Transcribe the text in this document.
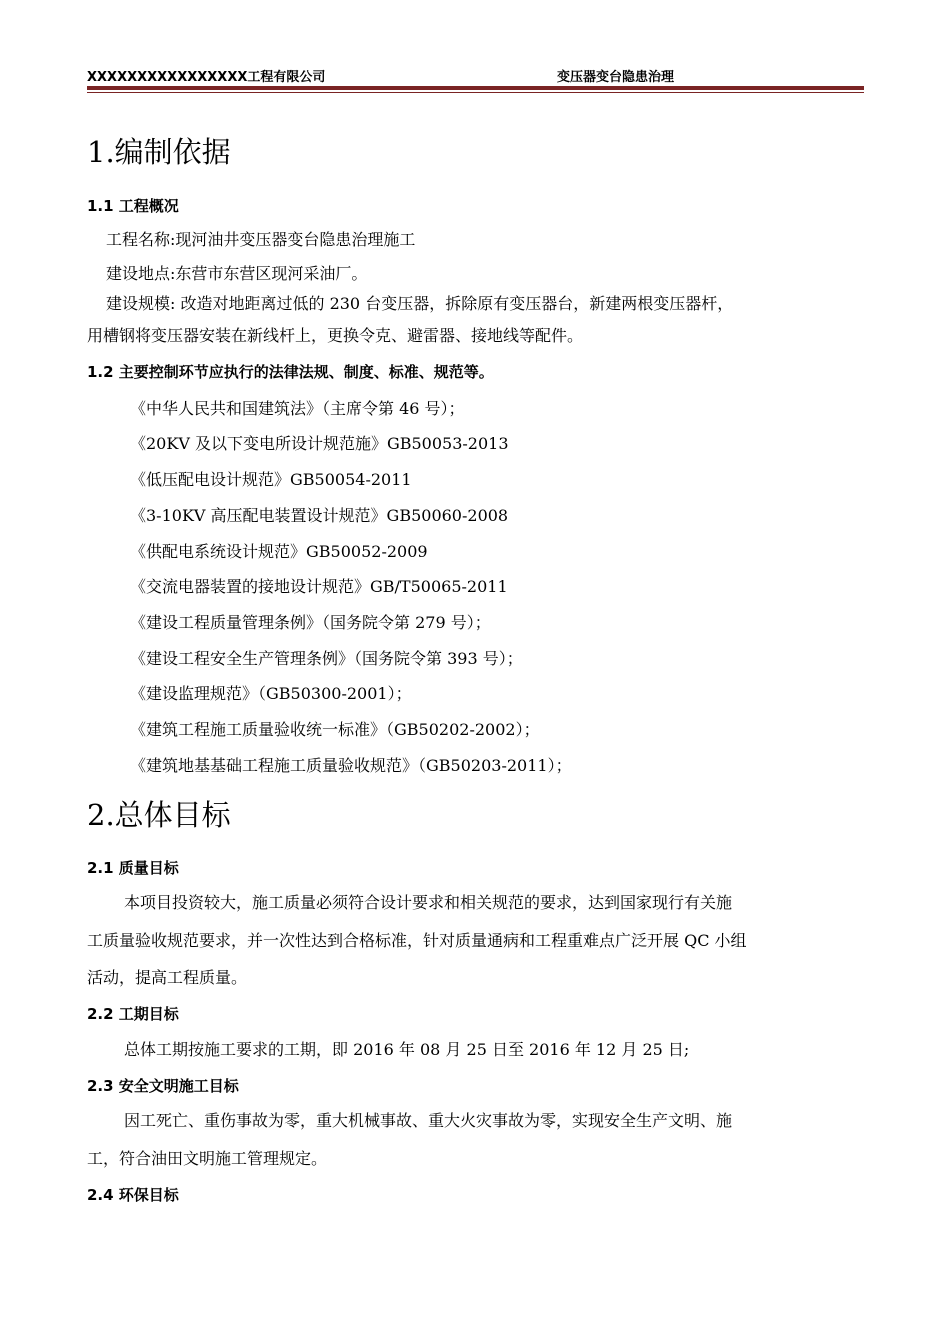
XXXXXXXXXXXXXXXX工程有限公司	变压器变台隐患治理
1.编制依据
1.1 工程概况
工程名称:现河油井变压器变台隐患治理施工
建设地点:东营市东营区现河采油厂。
建设规模: 改造对地距离过低的 230 台变压器，拆除原有变压器台，新建两根变压器杆，
用槽钢将变压器安装在新线杆上，更换令克、避雷器、接地线等配件。
1.2 主要控制环节应执行的法律法规、制度、标准、规范等。
《中华人民共和国建筑法》（主席令第 46 号）；
《20KV 及以下变电所设计规范施》GB50053-2013
《低压配电设计规范》GB50054-2011
《3-10KV 高压配电装置设计规范》GB50060-2008
《供配电系统设计规范》GB50052-2009
《交流电器装置的接地设计规范》GB/T50065-2011
《建设工程质量管理条例》（国务院令第 279 号）；
《建设工程安全生产管理条例》（国务院令第 393 号）；
《建设监理规范》（GB50300-2001）；
《建筑工程施工质量验收统一标准》（GB50202-2002）；
《建筑地基基础工程施工质量验收规范》（GB50203-2011）；
2.总体目标
2.1 质量目标
本项目投资较大，施工质量必须符合设计要求和相关规范的要求，达到国家现行有关施
工质量验收规范要求，并一次性达到合格标准，针对质量通病和工程重难点广泛开展 QC 小组
活动，提高工程质量。
2.2 工期目标
总体工期按施工要求的工期，即 2016 年 08 月 25 日至 2016 年 12 月 25 日;
2.3 安全文明施工目标
因工死亡、重伤事故为零，重大机械事故、重大火灾事故为零，实现安全生产文明、施
工，符合油田文明施工管理规定。
2.4 环保目标
